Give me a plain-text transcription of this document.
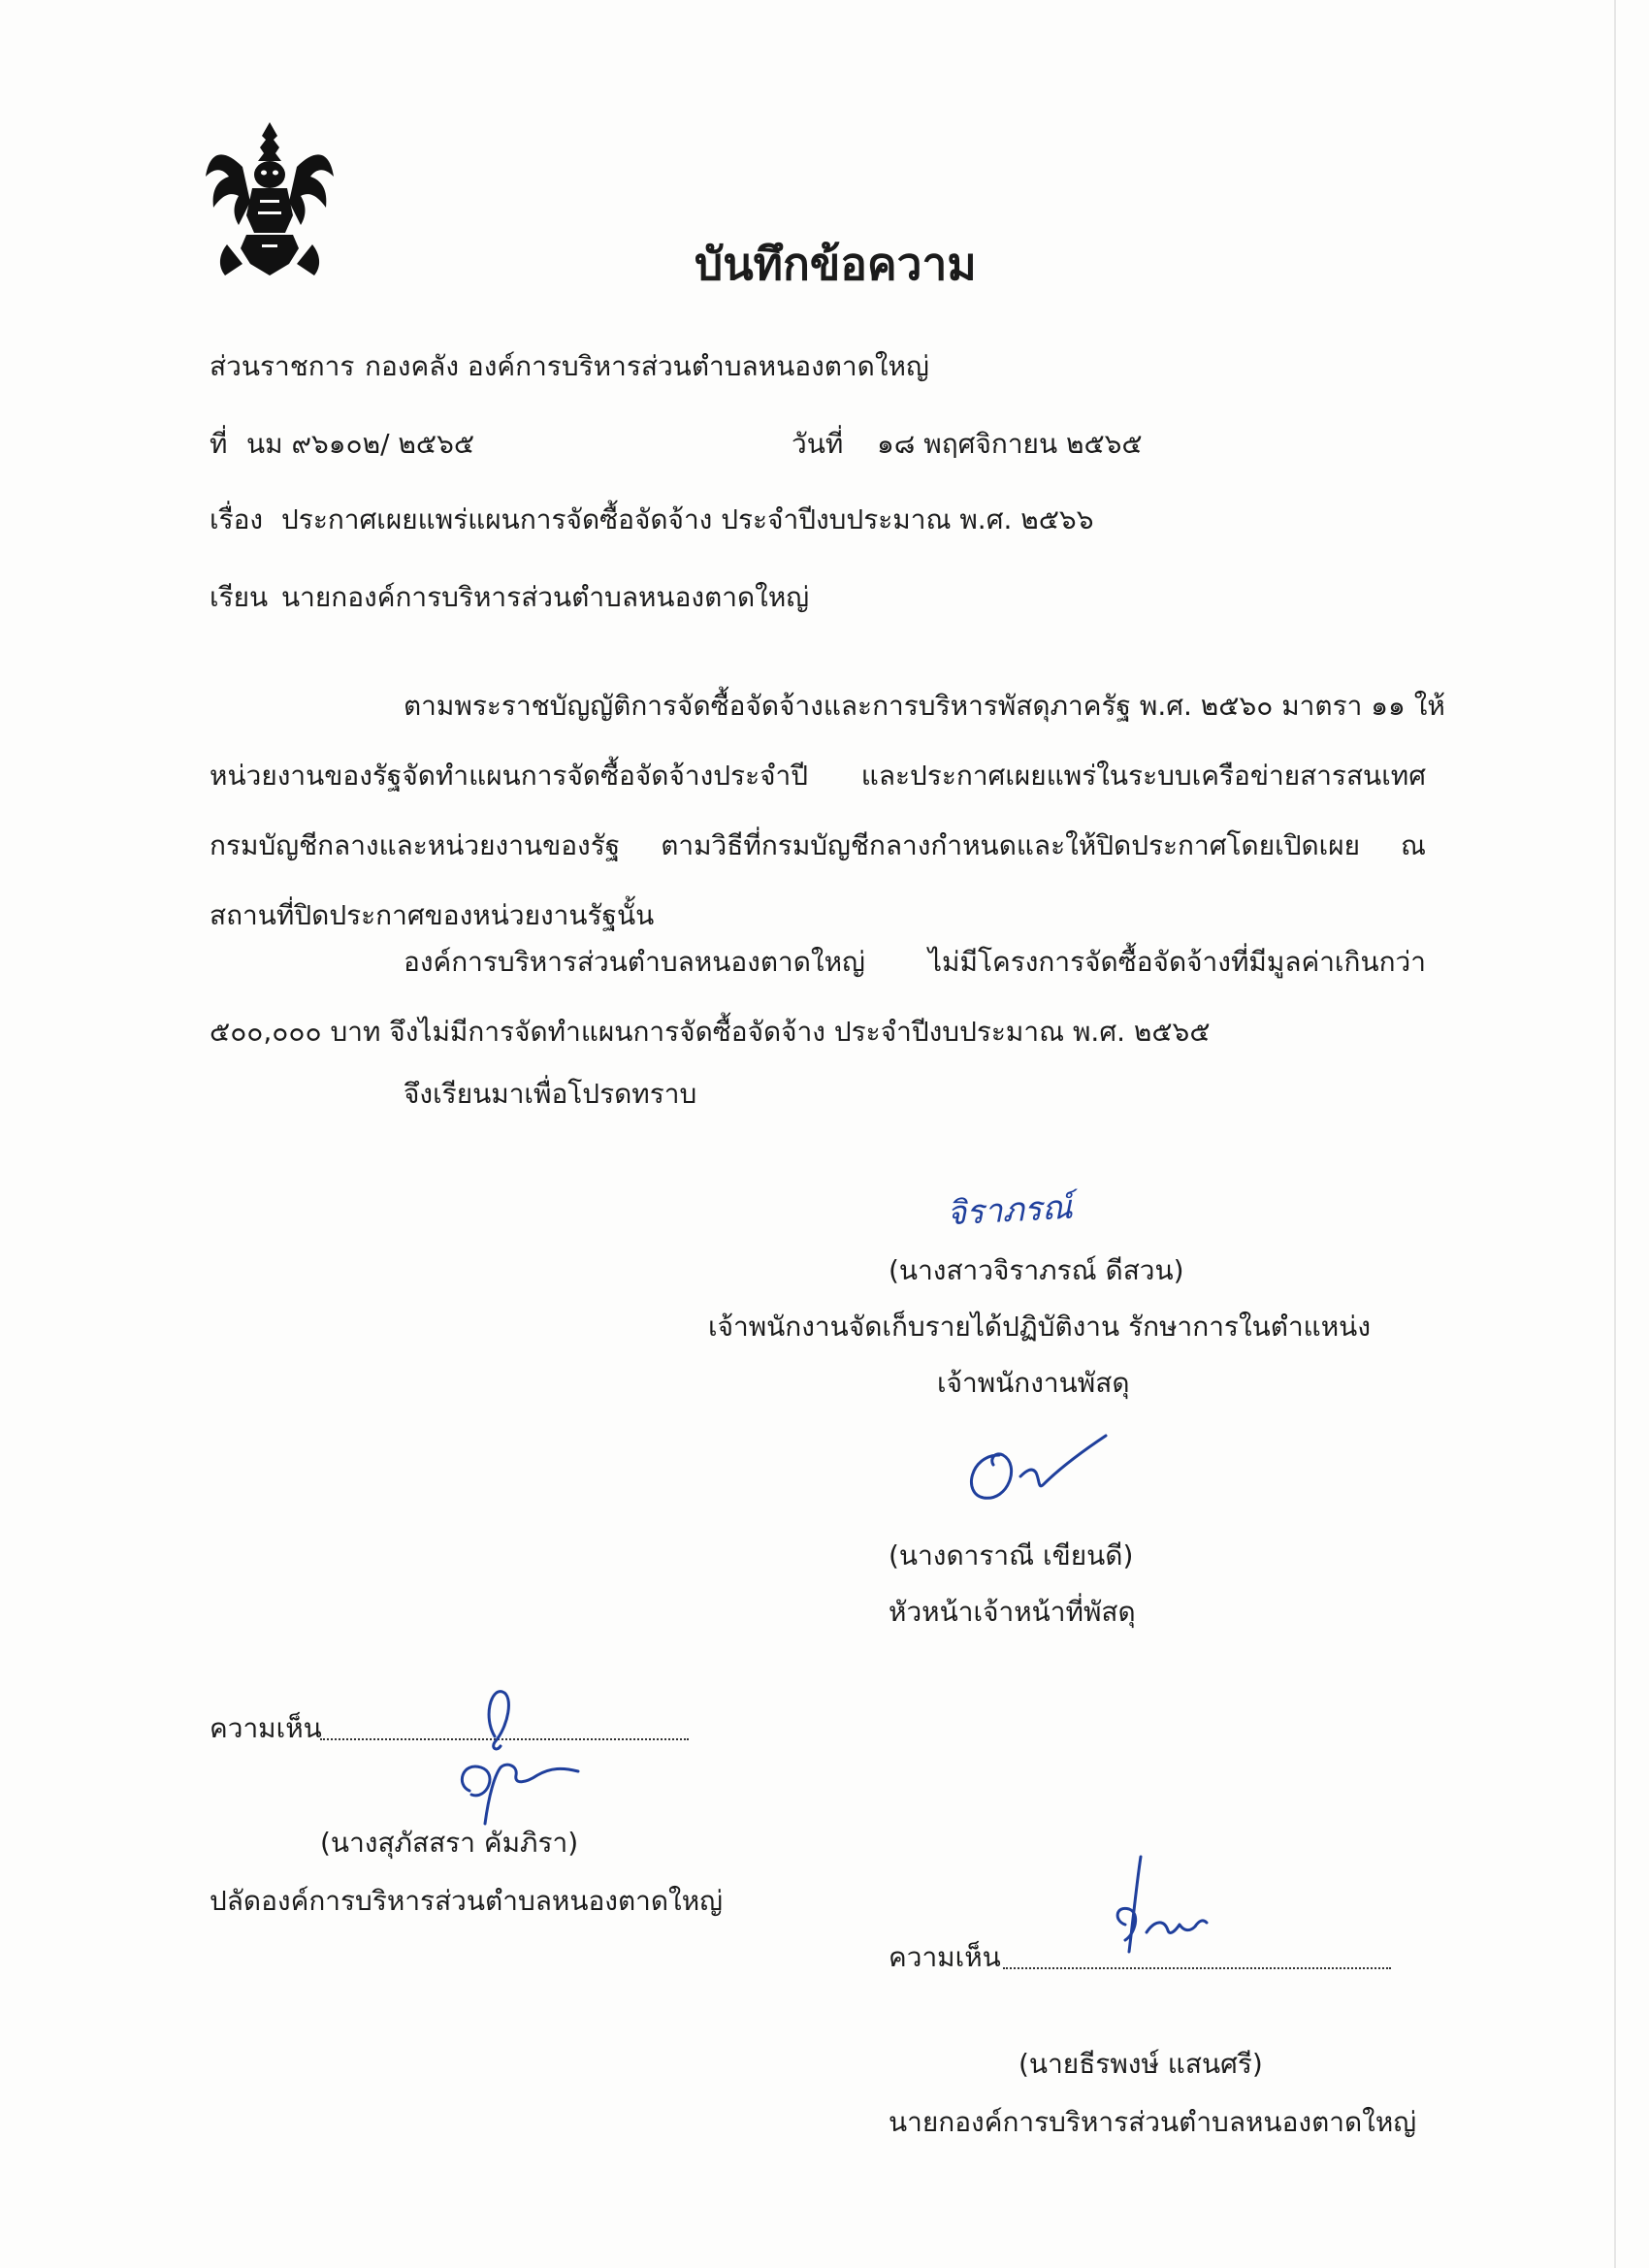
บันทึกข้อความ
ส่วนราชการ กองคลัง องค์การบริหารส่วนตำบลหนองตาดใหญ่
ที่ นม ๙๖๑๐๒/ ๒๕๖๕	วันที่ ๑๘ พฤศจิกายน ๒๕๖๕
เรื่อง ประกาศเผยแพร่แผนการจัดซื้อจัดจ้าง ประจำปีงบประมาณ พ.ศ. ๒๕๖๖
เรียน นายกองค์การบริหารส่วนตำบลหนองตาดใหญ่
ตามพระราชบัญญัติการจัดซื้อจัดจ้างและการบริหารพัสดุภาครัฐ พ.ศ. ๒๕๖๐ มาตรา ๑๑ ให้
หน่วยงานของรัฐจัดทำแผนการจัดซื้อจัดจ้างประจำปี และประกาศเผยแพร่ในระบบเครือข่ายสารสนเทศ
กรมบัญชีกลางและหน่วยงานของรัฐ ตามวิธีที่กรมบัญชีกลางกำหนดและให้ปิดประกาศโดยเปิดเผย ณ
สถานที่ปิดประกาศของหน่วยงานรัฐนั้น
องค์การบริหารส่วนตำบลหนองตาดใหญ่ ไม่มีโครงการจัดซื้อจัดจ้างที่มีมูลค่าเกินกว่า
๕๐๐,๐๐๐ บาท จึงไม่มีการจัดทำแผนการจัดซื้อจัดจ้าง ประจำปีงบประมาณ พ.ศ. ๒๕๖๕
จึงเรียนมาเพื่อโปรดทราบ
จิราภรณ์
(นางสาวจิราภรณ์ ดีสวน)
เจ้าพนักงานจัดเก็บรายได้ปฏิบัติงาน รักษาการในตำแหน่ง
เจ้าพนักงานพัสดุ
(นางดาราณี เขียนดี)
หัวหน้าเจ้าหน้าที่พัสดุ
ความเห็น
(นางสุภัสสรา คัมภิรา)
ปลัดองค์การบริหารส่วนตำบลหนองตาดใหญ่
ความเห็น
(นายธีรพงษ์ แสนศรี)
นายกองค์การบริหารส่วนตำบลหนองตาดใหญ่
